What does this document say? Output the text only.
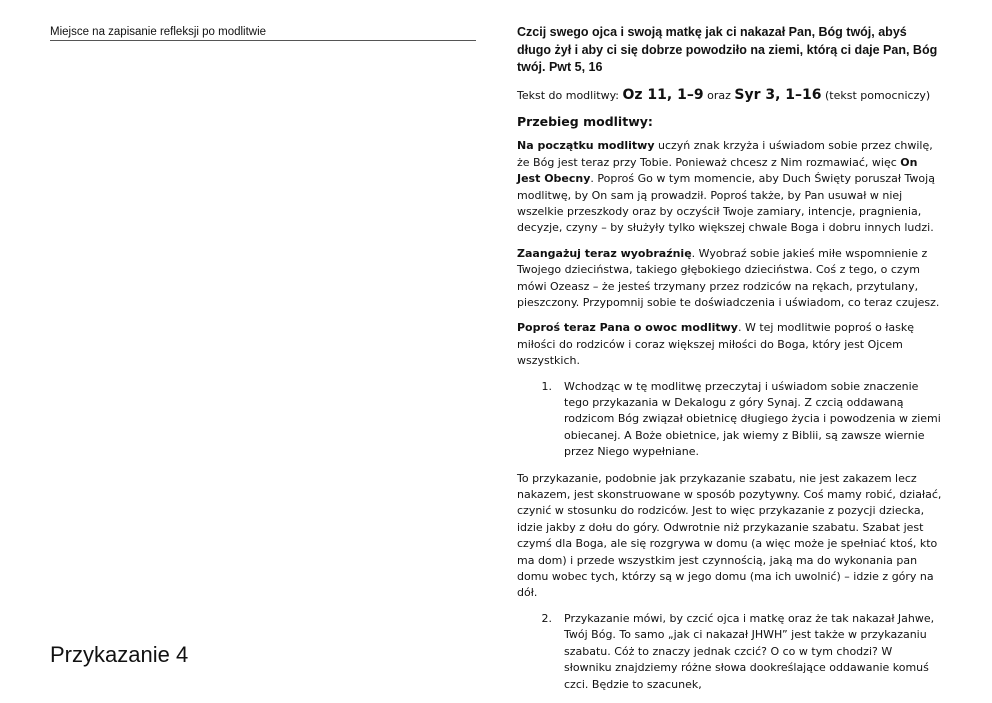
Miejsce na zapisanie refleksji po modlitwie
Przykazanie 4
Czcij swego ojca i swoją matkę jak ci nakazał Pan, Bóg twój, abyś długo żył i aby ci się dobrze powodziło na ziemi, którą ci daje Pan, Bóg twój. Pwt 5, 16
Tekst do modlitwy: Oz 11, 1–9 oraz Syr 3, 1–16 (tekst pomocniczy)
Przebieg modlitwy:

Na początku modlitwy uczyń znak krzyża i uświadom sobie przez chwilę, że Bóg jest teraz przy Tobie. Ponieważ chcesz z Nim rozmawiać, więc On Jest Obecny. Poproś Go w tym momencie, aby Duch Święty poruszał Twoją modlitwę, by On sam ją prowadził. Poproś także, by Pan usuwał w niej wszelkie przeszkody oraz by oczyścił Twoje zamiary, intencje, pragnienia, decyzje, czyny – by służyły tylko większej chwale Boga i dobru innych ludzi.

Zaangażuj teraz wyobraźnię. Wyobraź sobie jakieś miłe wspomnienie z Twojego dzieciństwa, takiego głębokiego dzieciństwa. Coś z tego, o czym mówi Ozeasz – że jesteś trzymany przez rodziców na rękach, przytulany, pieszczony. Przypomnij sobie te doświadczenia i uświadom, co teraz czujesz.

Poproś teraz Pana o owoc modlitwy. W tej modlitwie poproś o łaskę miłości do rodziców i coraz większej miłości do Boga, który jest Ojcem wszystkich.

1.	Wchodząc w tę modlitwę przeczytaj i uświadom sobie znaczenie tego przykazania w Dekalogu z góry Synaj. Z czcią oddawaną rodzicom Bóg związał obietnicę długiego życia i powodzenia w ziemi obiecanej. A Boże obietnice, jak wiemy z Biblii, są zawsze wiernie przez Niego wypełniane.

To przykazanie, podobnie jak przykazanie szabatu, nie jest zakazem lecz nakazem, jest skonstruowane w sposób pozytywny. Coś mamy robić, działać, czynić w stosunku do rodziców. Jest to więc przykazanie z pozycji dziecka, idzie jakby z dołu do góry. Odwrotnie niż przykazanie szabatu. Szabat jest czymś dla Boga, ale się rozgrywa w domu (a więc może je spełniać ktoś, kto ma dom) i przede wszystkim jest czynnością, jaką ma do wykonania pan domu wobec tych, którzy są w jego domu (ma ich uwolnić) – idzie z góry na dół.

2.	Przykazanie mówi, by czcić ojca i matkę oraz że tak nakazał Jahwe, Twój Bóg. To samo „jak ci nakazał JHWH” jest także w przykazaniu szabatu. Cóż to znaczy jednak czcić? O co w tym chodzi? W słowniku znajdziemy różne słowa dookreślające oddawanie komuś czci. Będzie to szacunek,
